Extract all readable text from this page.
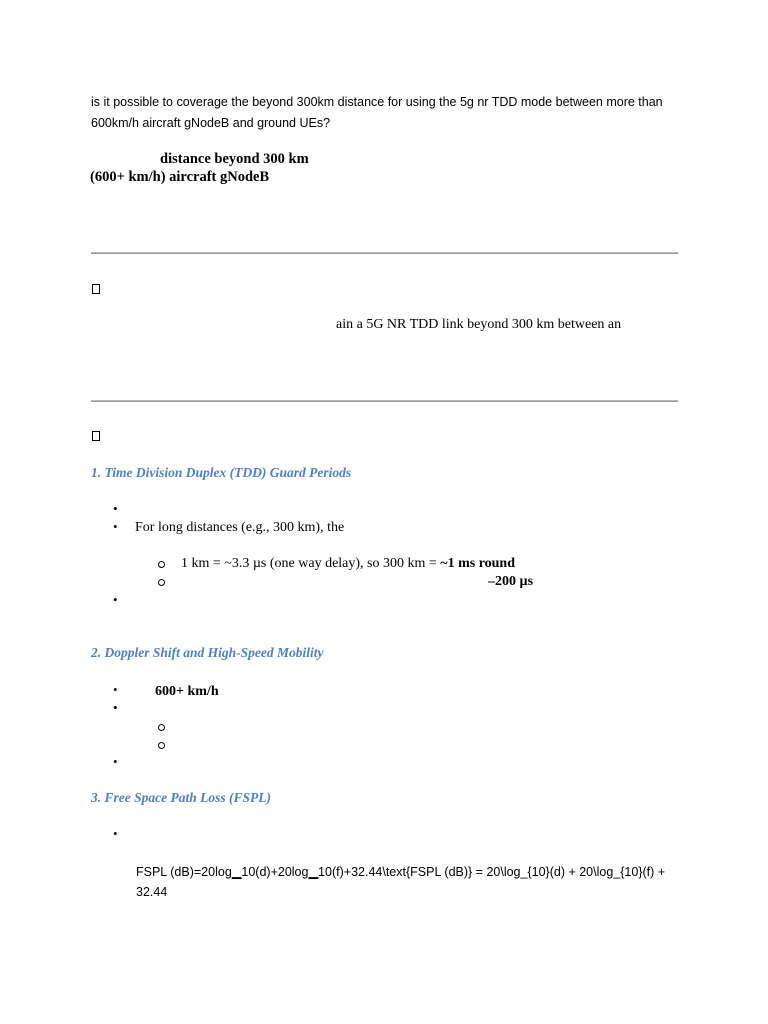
is it possible to coverage the beyond 300km distance for using the 5g nr TDD mode between more than 600km/h aircraft gNodeB and ground UEs?
distance beyond 300 km
(600+ km/h) aircraft gNodeB
ain a 5G NR TDD link beyond 300 km between an
1. Time Division Duplex (TDD) Guard Periods
•
• For long distances (e.g., 300 km), the
1 km = ~3.3 µs (one way delay), so 300 km = ~1 ms round
–200 µs
•
2. Doppler Shift and High-Speed Mobility
•	600+ km/h
•
•
3. Free Space Path Loss (FSPL)
•
FSPL (dB)=20log▁10(d)+20log▁10(f)+32.44\text{FSPL (dB)} = 20\log_{10}(d) + 20\log_{10}(f) + 32.44
